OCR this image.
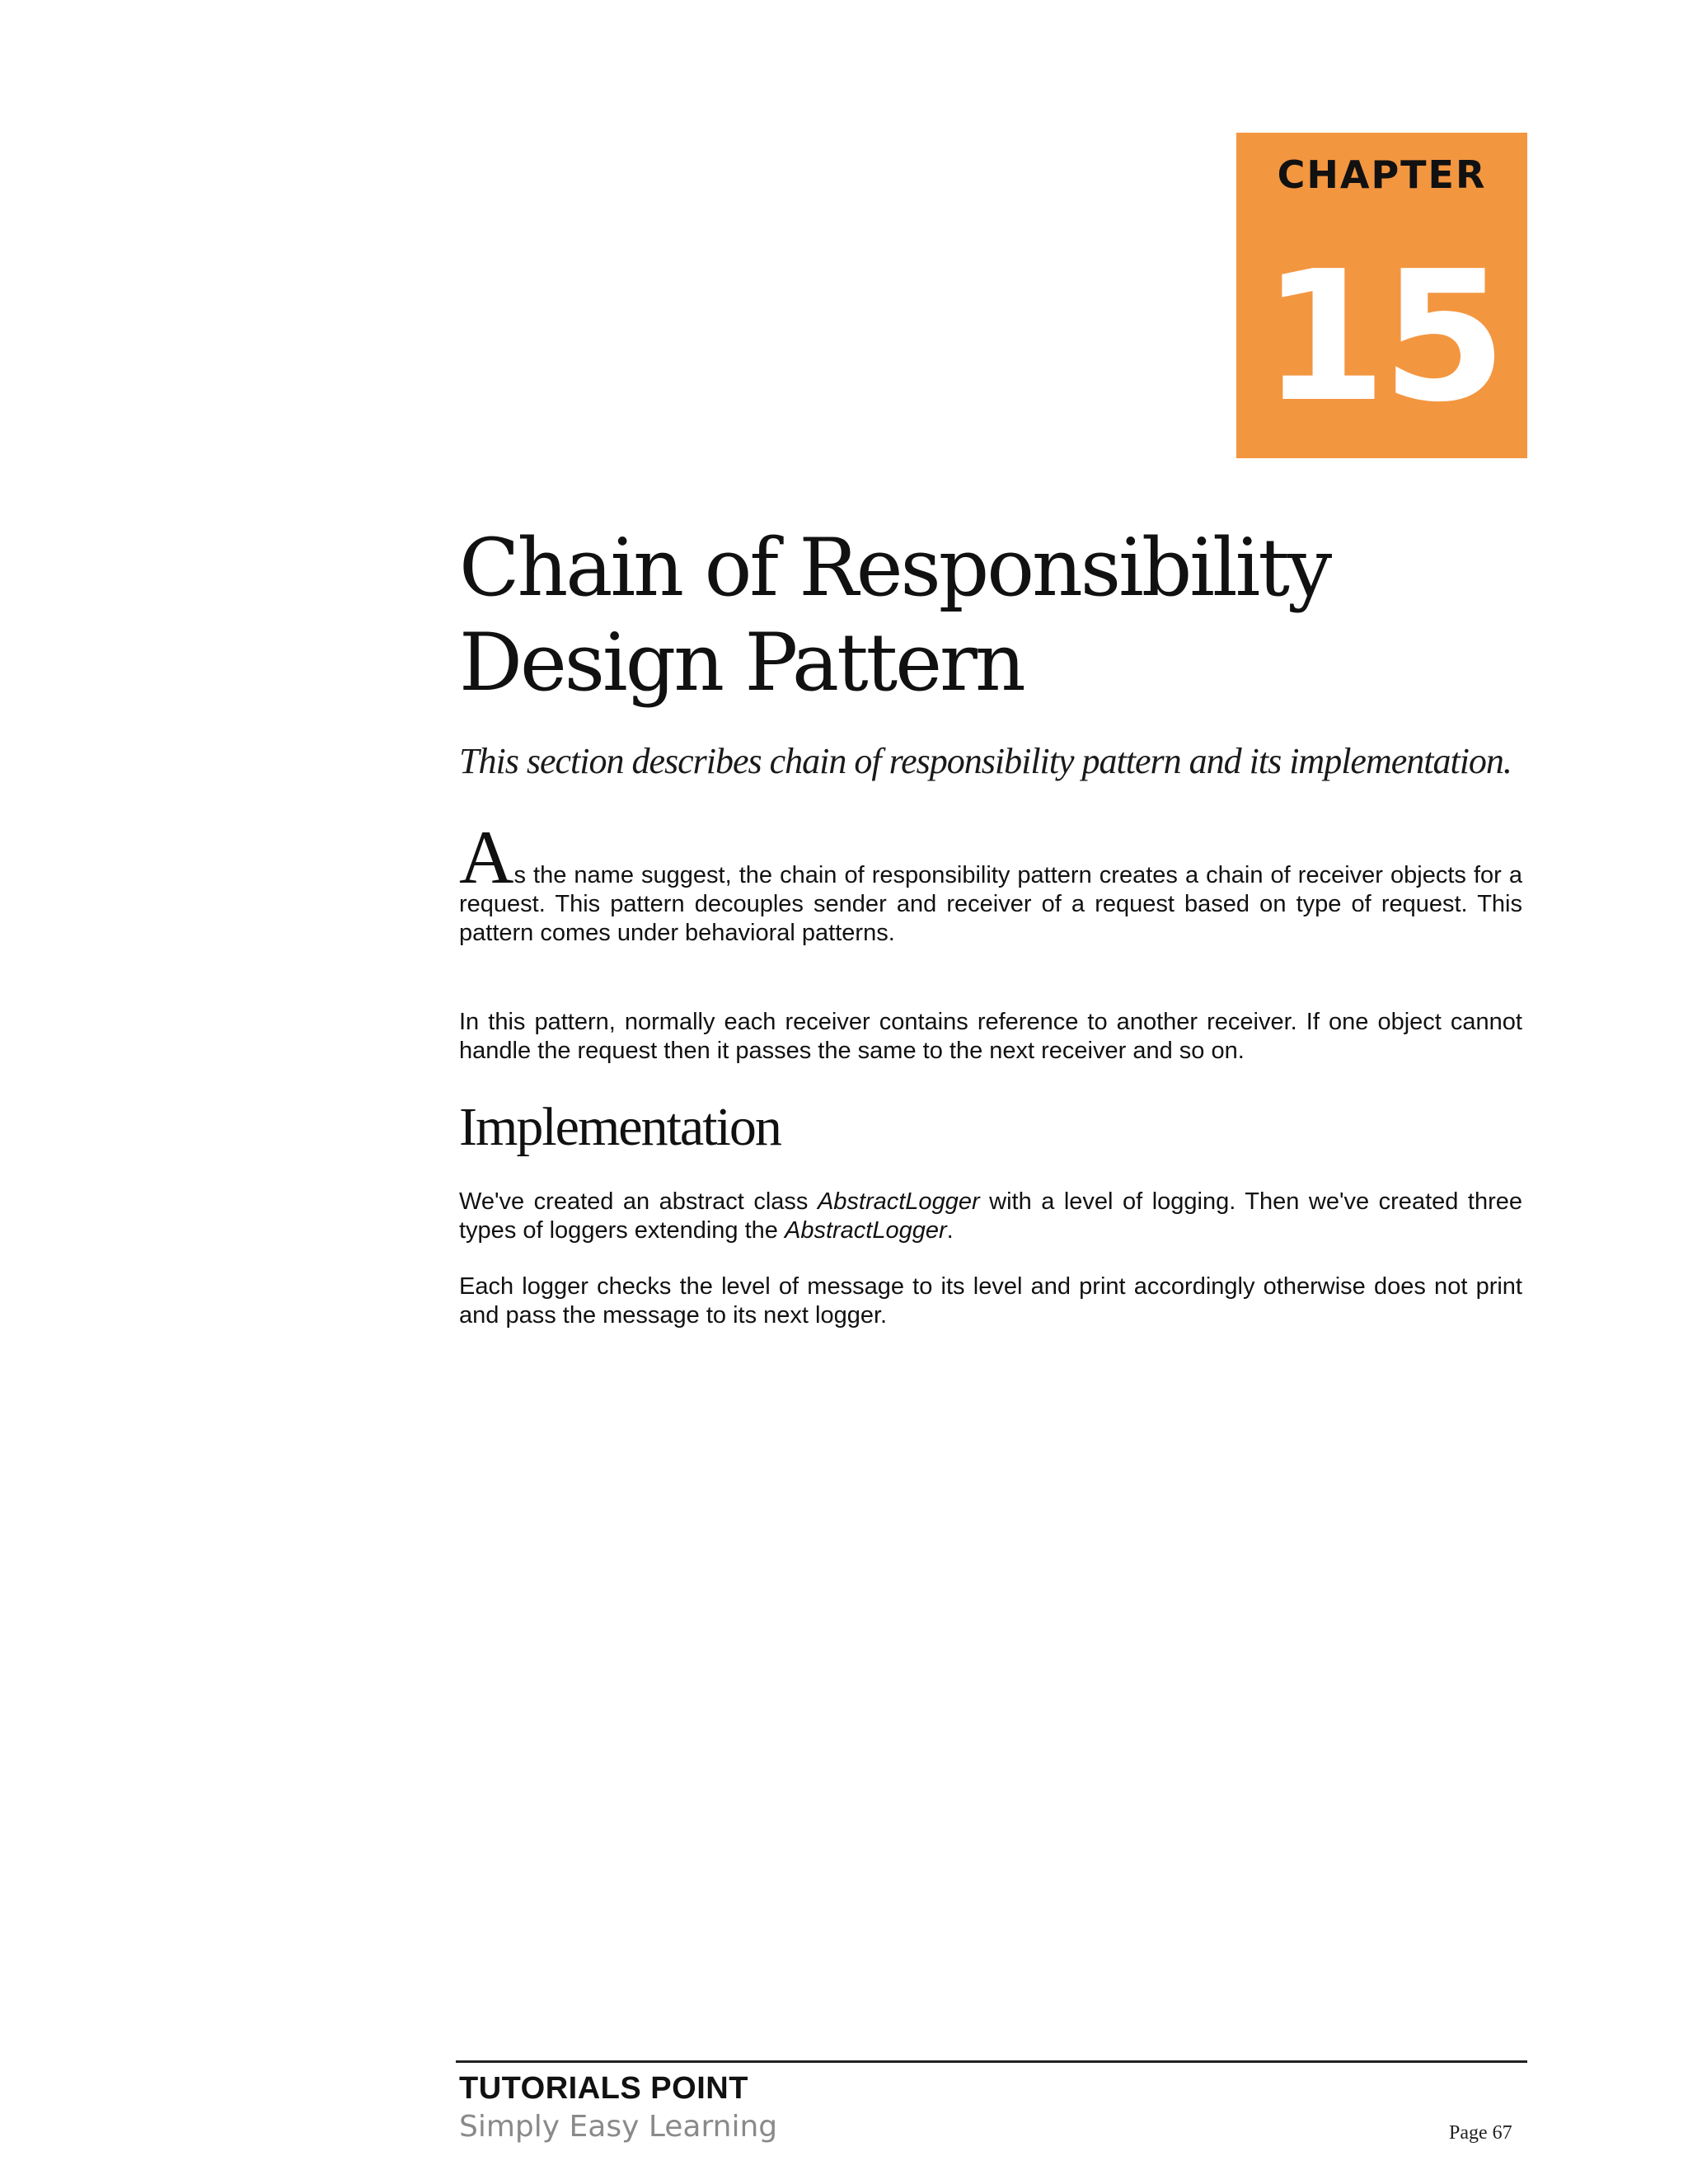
CHAPTER
15
Chain of Responsibility Design Pattern

This section describes chain of responsibility pattern and its implementation.

As the name suggest, the chain of responsibility pattern creates a chain of receiver objects for a request. This pattern decouples sender and receiver of a request based on type of request. This pattern comes under behavioral patterns.

In this pattern, normally each receiver contains reference to another receiver. If one object cannot handle the request then it passes the same to the next receiver and so on.

Implementation

We've created an abstract class AbstractLogger with a level of logging. Then we've created three types of loggers extending the AbstractLogger.

Each logger checks the level of message to its level and print accordingly otherwise does not print and pass the message to its next logger.

TUTORIALS POINT
Simply Easy Learning	Page 67
